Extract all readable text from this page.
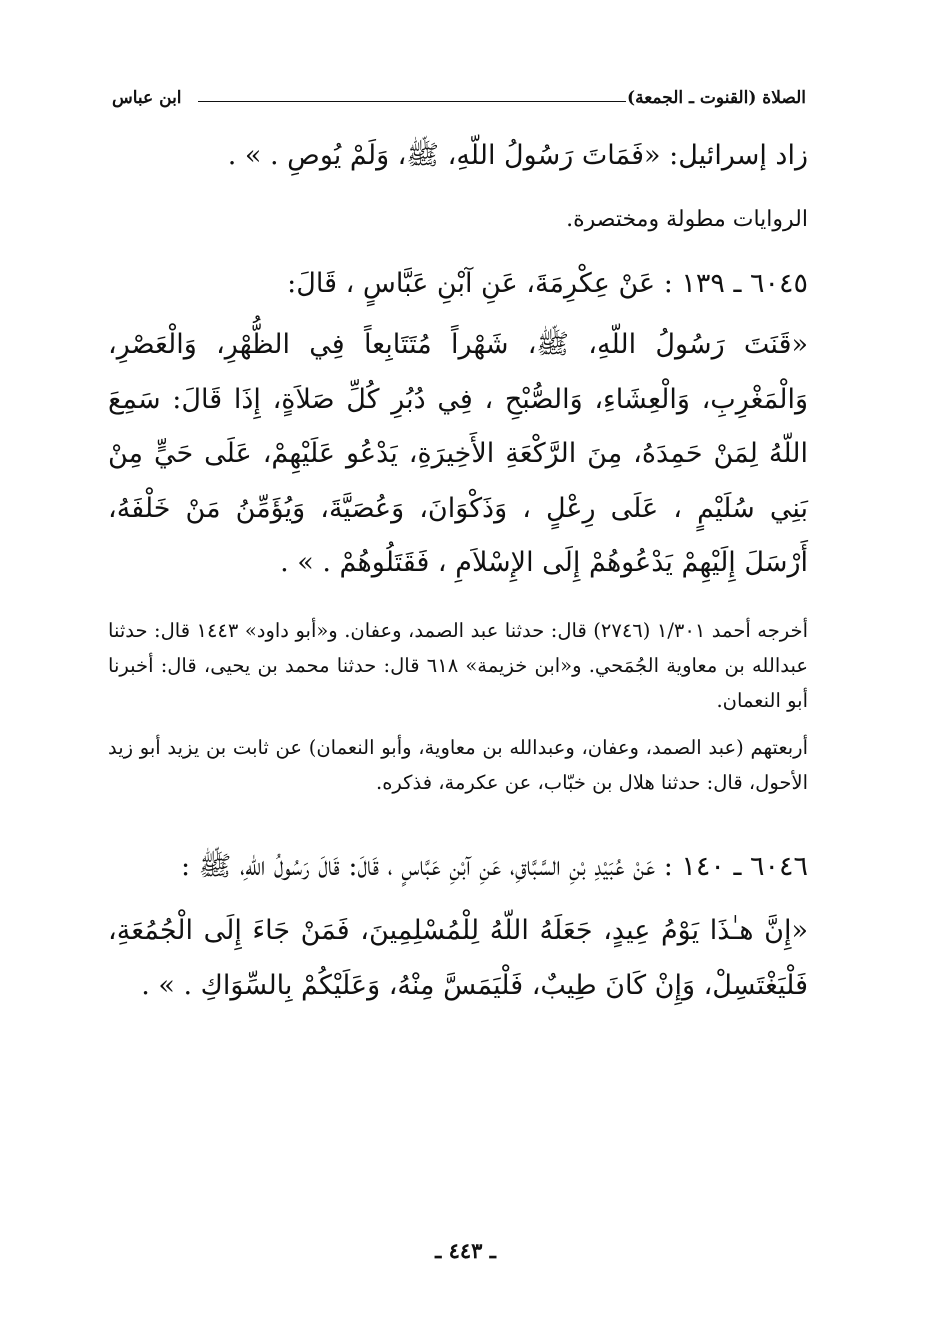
الصلاة (القنوت ـ الجمعة)
ابن عباس

زاد إسرائيل: «فَمَاتَ رَسُولُ اللّهِ، ﷺ، وَلَمْ يُوصِ . » .

الروايات مطولة ومختصرة.

٦٠٤٥ ـ ١٣٩ : عَنْ عِكْرِمَةَ، عَنِ آبْنِ عَبَّاسٍ ، قَالَ:

«قَنَتَ رَسُولُ اللّهِ، ﷺ، شَهْراً مُتَتَابِعاً فِي الظُّهْرِ، وَالْعَصْرِ، وَالْمَغْرِبِ، وَالْعِشَاءِ، وَالصُّبْحِ ، فِي دُبُرِ كُلِّ صَلاَةٍ، إِذَا قَالَ: سَمِعَ اللّهُ لِمَنْ حَمِدَهُ، مِنَ الرَّكْعَةِ الأَخِيرَةِ، يَدْعُو عَلَيْهِمْ، عَلَى حَيٍّ مِنْ بَنِي سُلَيْمٍ ، عَلَى رِعْلٍ ، وَذَكْوَانَ، وَعُصَيَّةَ، وَيُؤَمِّنُ مَنْ خَلْفَهُ، أَرْسَلَ إِلَيْهِمْ يَدْعُوهُمْ إِلَى الإِسْلاَمِ ، فَقَتَلُوهُمْ . » .

أخرجه أحمد ١/٣٠١ (٢٧٤٦) قال: حدثنا عبد الصمد، وعفان. و«أبو داود» ١٤٤٣ قال: حدثنا عبدالله بن معاوية الجُمَحي. و«ابن خزيمة» ٦١٨ قال: حدثنا محمد بن يحيى، قال: أخبرنا أبو النعمان.

أربعتهم (عبد الصمد، وعفان، وعبدالله بن معاوية، وأبو النعمان) عن ثابت بن يزيد أبو زيد الأحول، قال: حدثنا هلال بن خبّاب، عن عكرمة، فذكره.

٦٠٤٦ ـ ١٤٠ : عَنْ عُبَيْدِ بْنِ السَّبَّاقِ، عَنِ آبْنِ عَبَّاسٍ ، قَالَ: قَالَ رَسُولُ اللّهِ، ﷺ :

«إِنَّ هـٰذَا يَوْمُ عِيدٍ، جَعَلَهُ اللّهُ لِلْمُسْلِمِينَ، فَمَنْ جَاءَ إِلَى الْجُمُعَةِ، فَلْيَغْتَسِلْ، وَإِنْ كَانَ طِيبٌ، فَلْيَمَسَّ مِنْهُ، وَعَلَيْكُمْ بِالسِّوَاكِ . » .

ـ ٤٤٣ ـ
